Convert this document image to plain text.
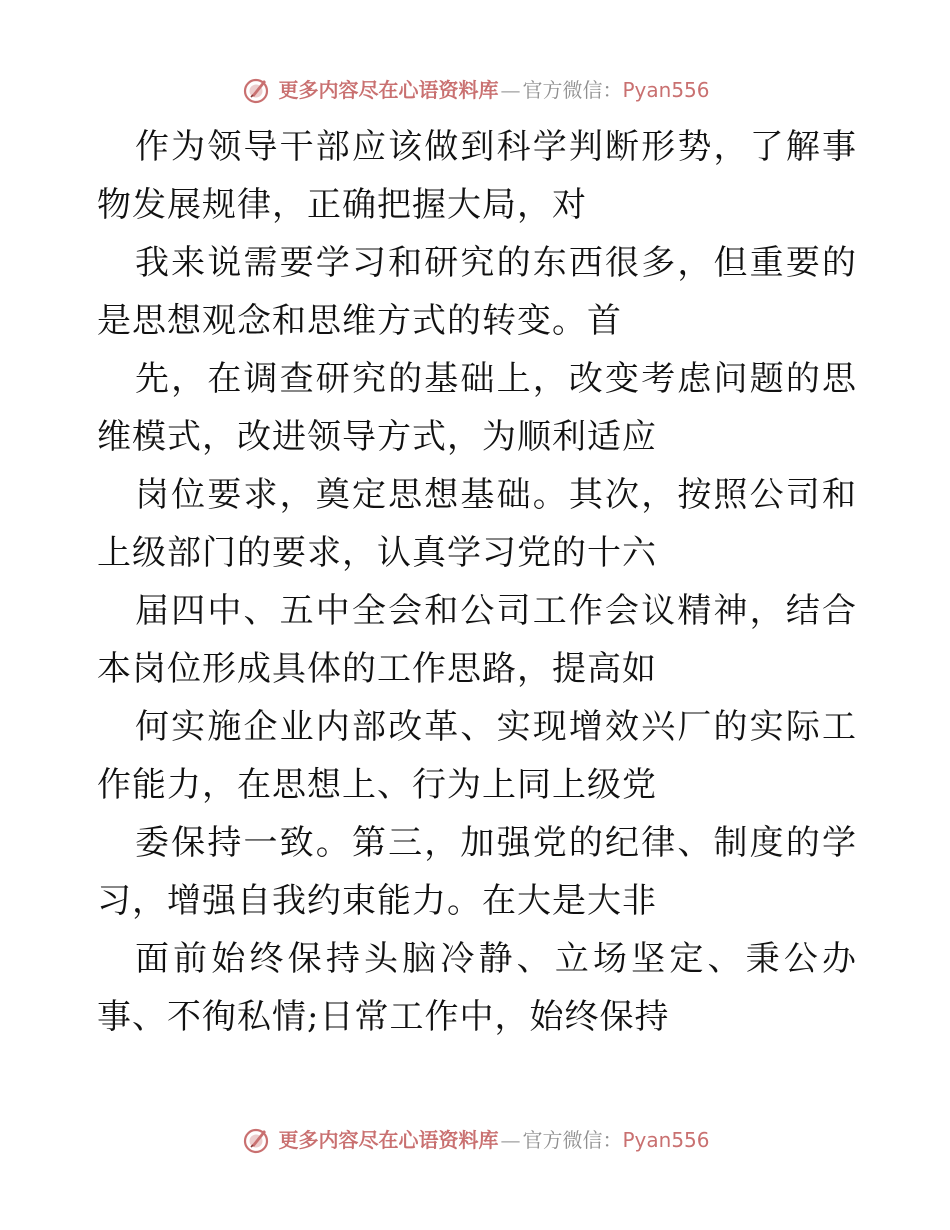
更多内容尽在心语资料库 — 官方微信： Pyan556

作为领导干部应该做到科学判断形势，了解事物发展规律，正确把握大局，对

我来说需要学习和研究的东西很多，但重要的是思想观念和思维方式的转变。首

先，在调查研究的基础上，改变考虑问题的思维模式，改进领导方式，为顺利适应

岗位要求，奠定思想基础。其次，按照公司和上级部门的要求，认真学习党的十六

届四中、五中全会和公司工作会议精神，结合本岗位形成具体的工作思路，提高如

何实施企业内部改革、实现增效兴厂的实际工作能力，在思想上、行为上同上级党

委保持一致。第三，加强党的纪律、制度的学习，增强自我约束能力。在大是大非

面前始终保持头脑冷静、立场坚定、秉公办事、不徇私情;日常工作中，始终保持

更多内容尽在心语资料库 — 官方微信： Pyan556
